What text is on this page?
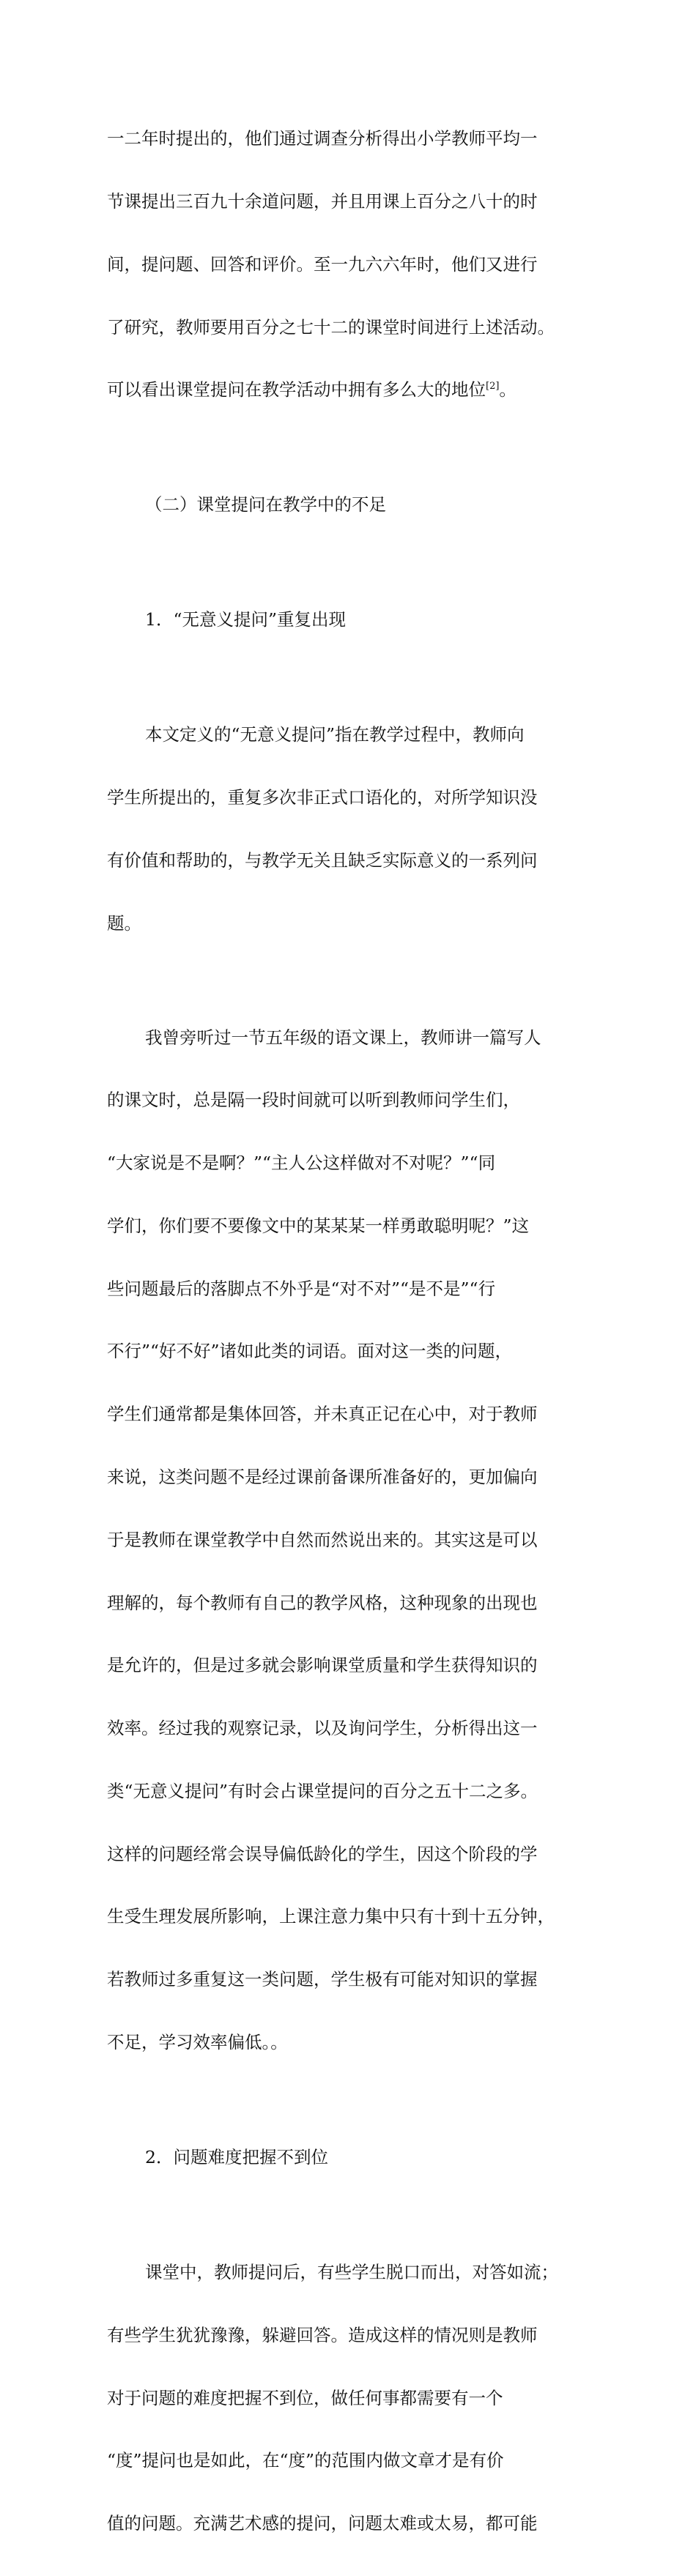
一二年时提出的，他们通过调查分析得出小学教师平均一

节课提出三百九十余道问题，并且用课上百分之八十的时

间，提问题、回答和评价。至一九六六年时，他们又进行

了研究，教师要用百分之七十二的课堂时间进行上述活动。

可以看出课堂提问在教学活动中拥有多么大的地位[2]。

（二）课堂提问在教学中的不足

1．“无意义提问”重复出现

本文定义的“无意义提问”指在教学过程中，教师向

学生所提出的，重复多次非正式口语化的，对所学知识没

有价值和帮助的，与教学无关且缺乏实际意义的一系列问

题。

我曾旁听过一节五年级的语文课上，教师讲一篇写人

的课文时，总是隔一段时间就可以听到教师问学生们，

“大家说是不是啊？”“主人公这样做对不对呢？”“同

学们，你们要不要像文中的某某某一样勇敢聪明呢？”这

些问题最后的落脚点不外乎是“对不对”“是不是”“行

不行”“好不好”诸如此类的词语。面对这一类的问题，

学生们通常都是集体回答，并未真正记在心中，对于教师

来说，这类问题不是经过课前备课所准备好的，更加偏向

于是教师在课堂教学中自然而然说出来的。其实这是可以

理解的，每个教师有自己的教学风格，这种现象的出现也

是允许的，但是过多就会影响课堂质量和学生获得知识的

效率。经过我的观察记录，以及询问学生，分析得出这一

类“无意义提问”有时会占课堂提问的百分之五十二之多。

这样的问题经常会误导偏低龄化的学生，因这个阶段的学

生受生理发展所影响，上课注意力集中只有十到十五分钟，

若教师过多重复这一类问题，学生极有可能对知识的掌握

不足，学习效率偏低。。

2．问题难度把握不到位

课堂中，教师提问后，有些学生脱口而出，对答如流；

有些学生犹犹豫豫，躲避回答。造成这样的情况则是教师

对于问题的难度把握不到位，做任何事都需要有一个

“度”提问也是如此，在“度”的范围内做文章才是有价

值的问题。充满艺术感的提问，问题太难或太易，都可能
